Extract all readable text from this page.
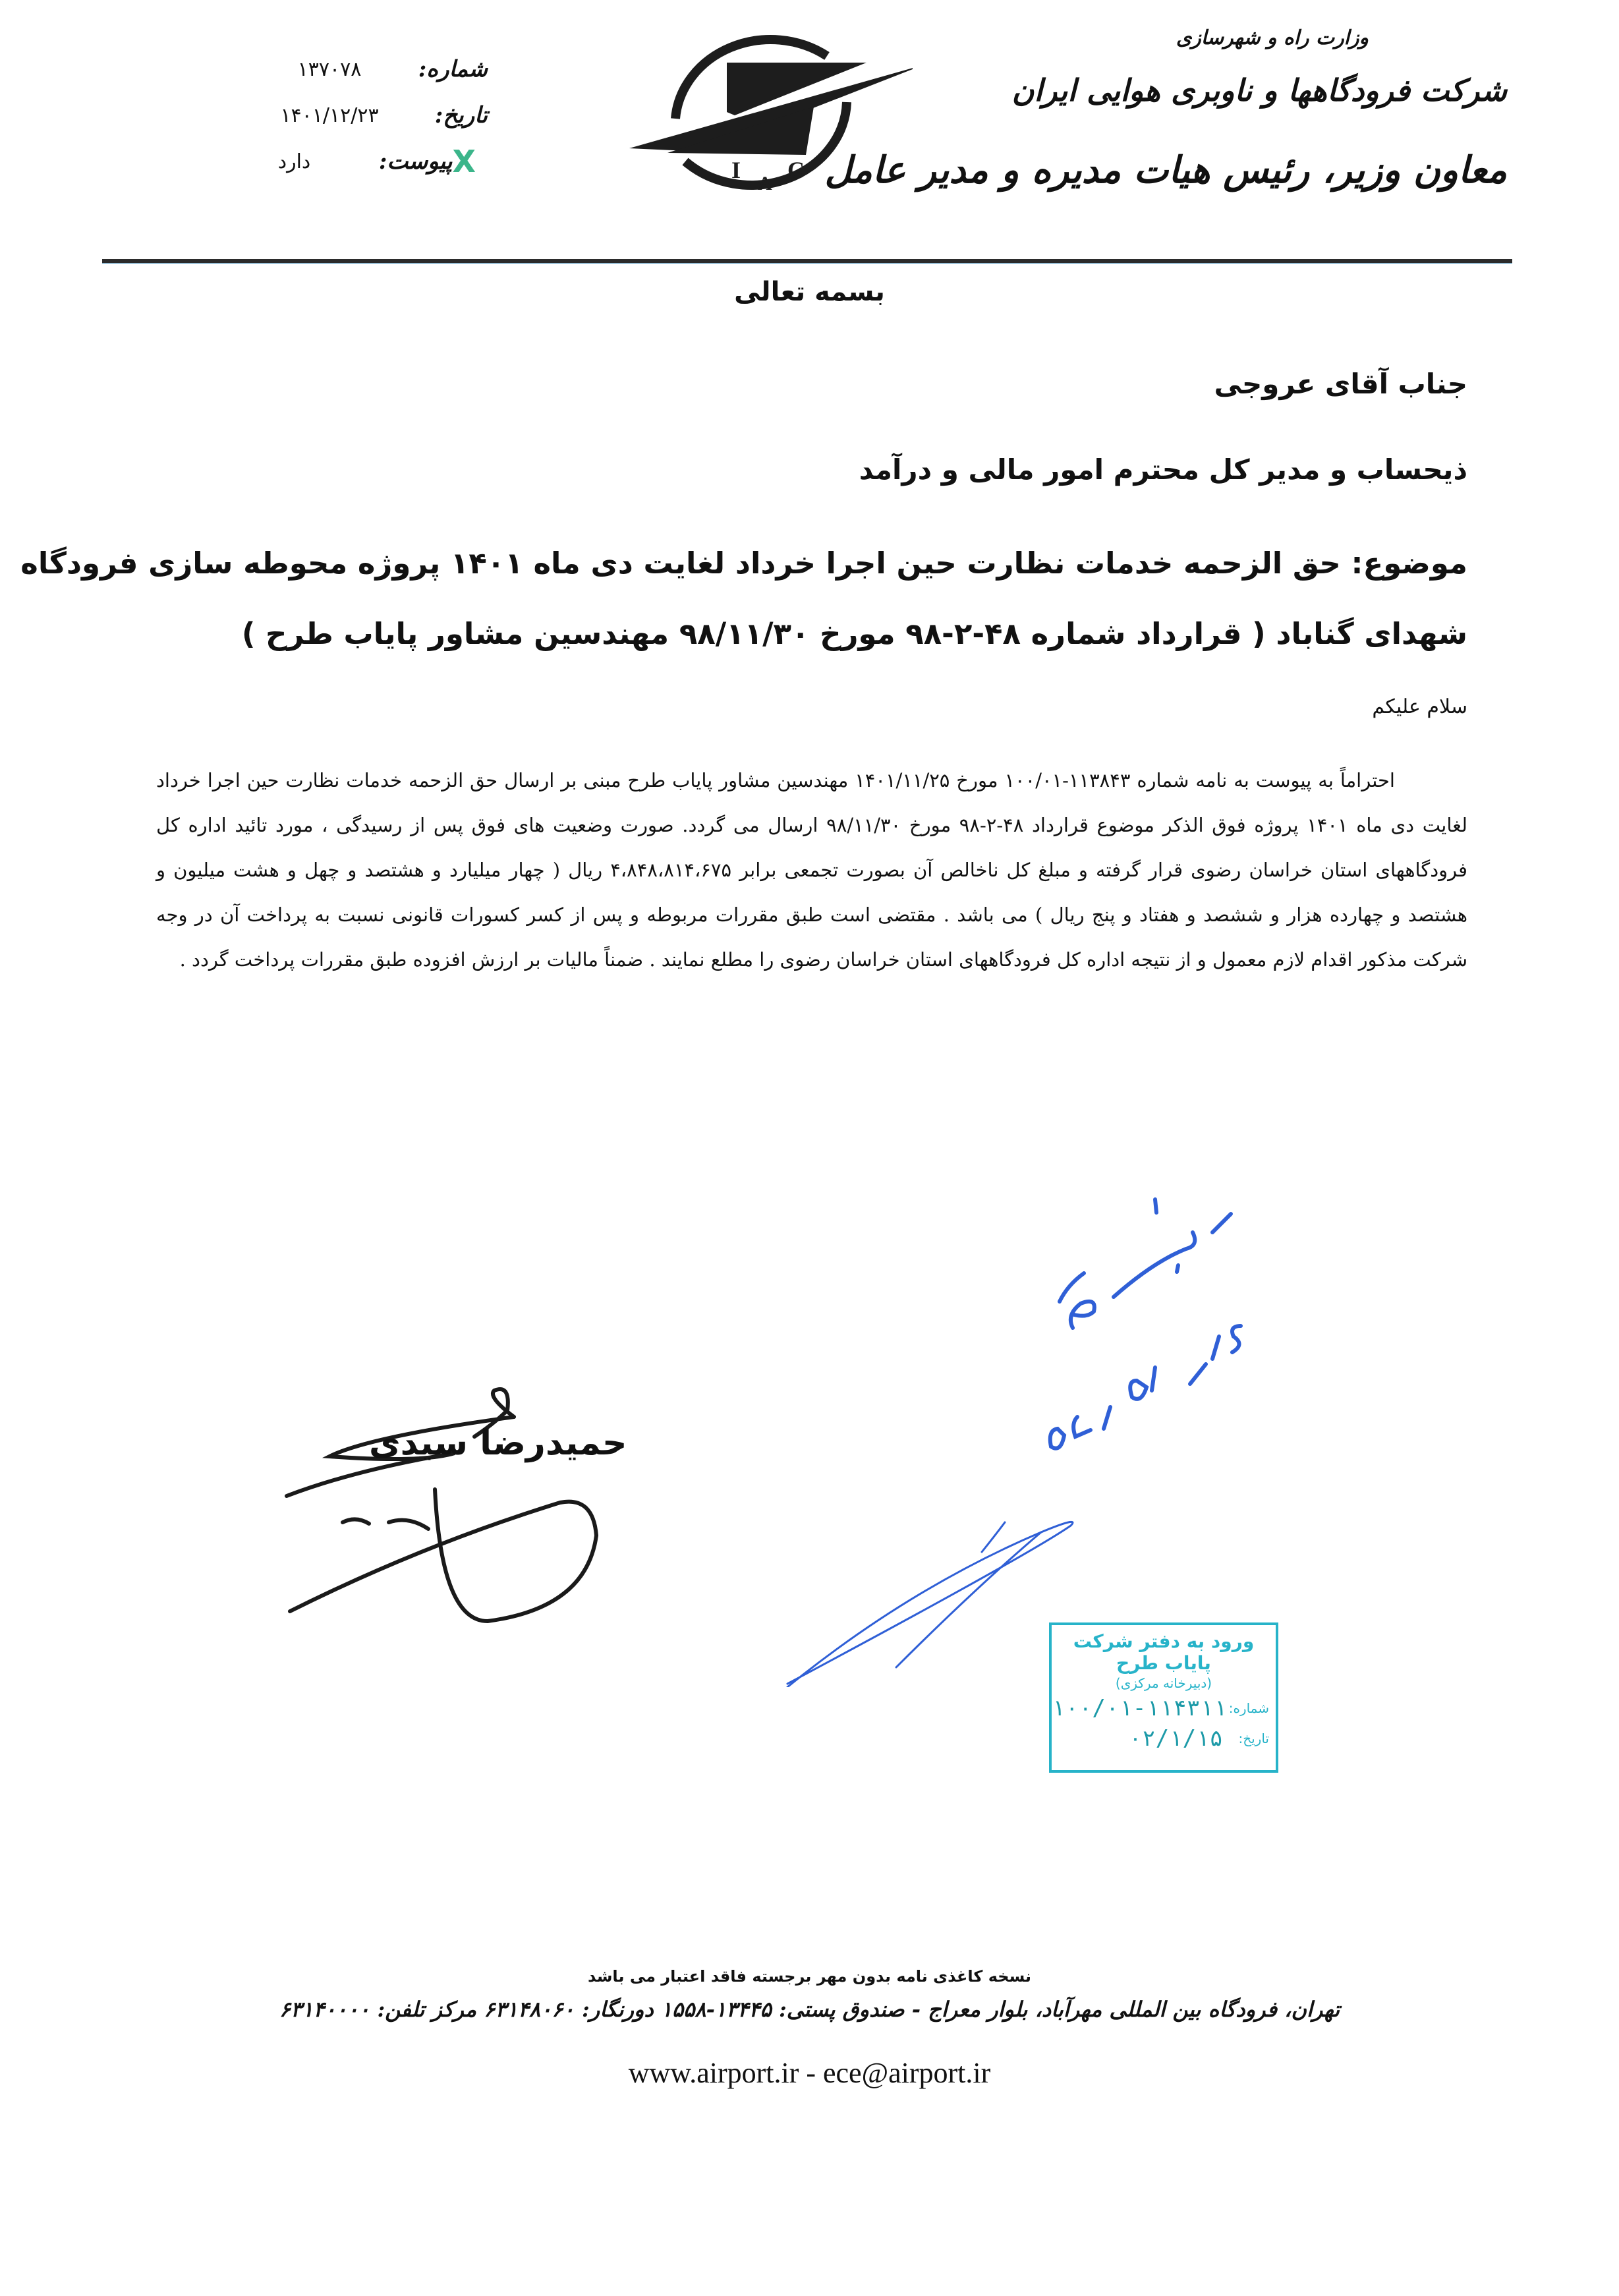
وزارت راه و شهرسازی
شرکت فرودگاهها و ناوبری هوایی ایران
معاون وزیر، رئیس هیات مدیره و مدیر عامل
I
A
C
شماره:
۱۳۷۰۷۸
تاریخ:
۱۴۰۱/۱۲/۲۳
X
پیوست:
دارد
بسمه تعالی
جناب آقای عروجی
ذیحساب و مدیر کل محترم امور مالی و درآمد
موضوع: حق الزحمه خدمات نظارت حین اجرا خرداد لغایت دی ماه ۱۴۰۱ پروژه محوطه سازی فرودگاه
شهدای گناباد ( قرارداد شماره ۴۸-۲-۹۸ مورخ ۹۸/۱۱/۳۰ مهندسین مشاور پایاب طرح )
سلام علیکم

احتراماً به پیوست به نامه شماره ۱۱۳۸۴۳-۱۰۰/۰۱ مورخ ۱۴۰۱/۱۱/۲۵ مهندسین مشاور پایاب طرح مبنی بر ارسال حق الزحمه خدمات نظارت حین اجرا خرداد لغایت دی ماه ۱۴۰۱ پروژه فوق الذکر موضوع قرارداد ۴۸-۲-۹۸ مورخ ۹۸/۱۱/۳۰ ارسال می گردد. صورت وضعیت های فوق پس از رسیدگی ، مورد تائید اداره کل فرودگاههای استان خراسان رضوی قرار گرفته و مبلغ کل ناخالص آن بصورت تجمعی برابر ۴،۸۴۸،۸۱۴،۶۷۵ ریال ( چهار میلیارد و هشتصد و چهل و هشت میلیون و هشتصد و چهارده هزار و ششصد و هفتاد و پنج ریال ) می باشد . مقتضی است طبق مقررات مربوطه و پس از کسر کسورات قانونی نسبت به پرداخت آن در وجه شرکت مذکور اقدام لازم معمول و از نتیجه اداره کل فرودگاههای استان خراسان رضوی را مطلع نمایند . ضمناً مالیات بر ارزش افزوده طبق مقررات پرداخت گردد .

حمیدرضا سیدی
ورود به دفتر شرکت پایاب طرح
(دبیرخانه مرکزی)
شماره:
۱۰۰/۰۱-۱۱۴۳۱۱
تاریخ:
۰۲/۱/۱۵
نسخه کاغذی نامه بدون مهر برجسته فاقد اعتبار می باشد
تهران، فرودگاه بین المللی مهرآباد، بلوار معراج - صندوق پستی: ۱۳۴۴۵-۱۵۵۸ دورنگار: ۶۳۱۴۸۰۶۰ مرکز تلفن: ۶۳۱۴۰۰۰۰
www.airport.ir - ece@airport.ir
